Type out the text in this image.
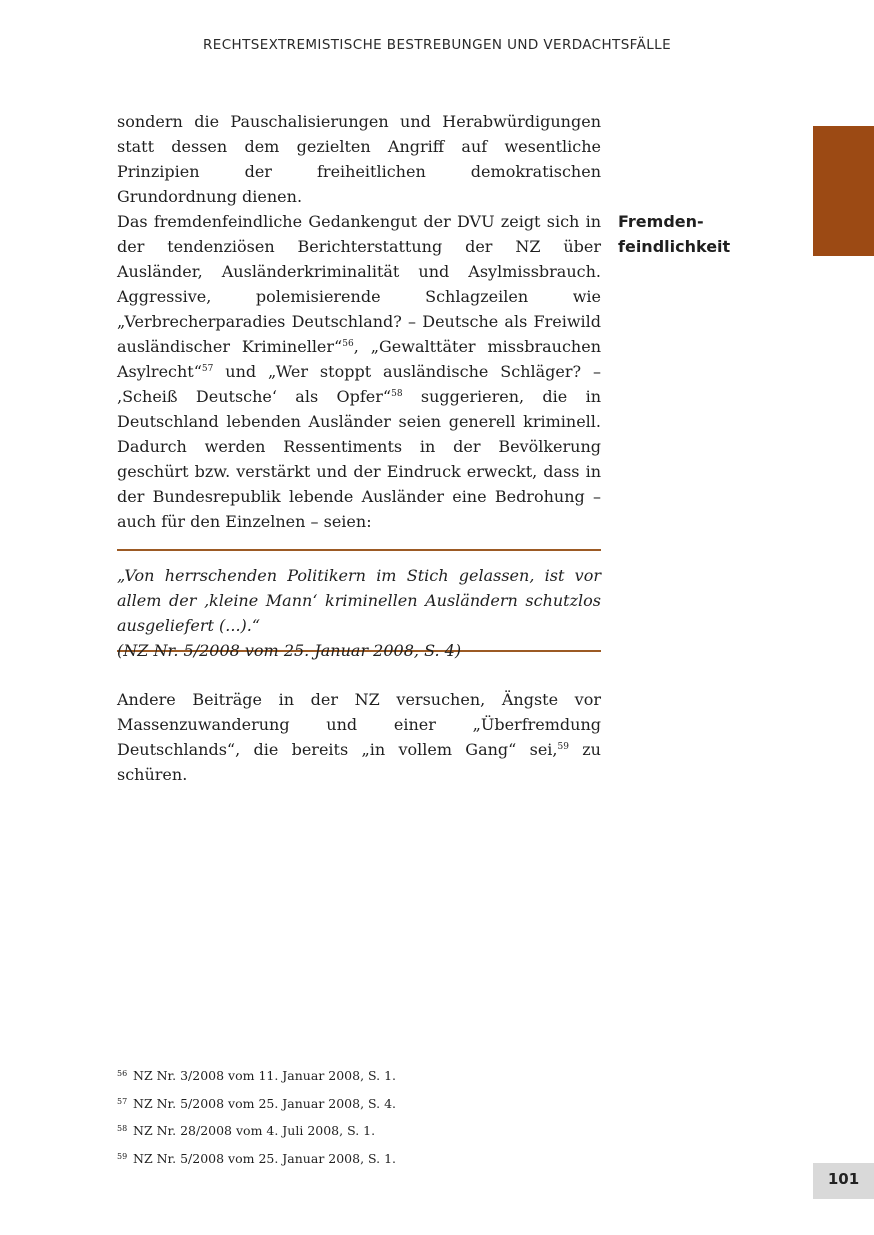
RECHTSEXTREMISTISCHE BESTREBUNGEN UND VERDACHTSFÄLLE

sondern die Pauschalisierungen und Herabwürdigungen statt dessen dem gezielten Angriff auf wesentliche Prinzipien der freiheitlichen demokratischen Grundordnung dienen.

Fremden-
feindlichkeit

Das fremdenfeindliche Gedankengut der DVU zeigt sich in der tendenziösen Berichterstattung der NZ über Ausländer, Ausländerkriminalität und Asylmissbrauch. Aggressive, polemisierende Schlagzeilen wie „Verbrecherparadies Deutschland? – Deutsche als Freiwild ausländischer Krimineller“$^{56}$, „Gewalttäter missbrauchen Asylrecht“$^{57}$ und „Wer stoppt ausländische Schläger? – ‚Scheiß Deutsche‘ als Opfer“$^{58}$ suggerieren, die in Deutschland lebenden Ausländer seien generell kriminell. Dadurch werden Ressentiments in der Bevölkerung geschürt bzw. verstärkt und der Eindruck erweckt, dass in der Bundesrepublik lebende Ausländer eine Bedrohung – auch für den Einzelnen – seien:

„Von herrschenden Politikern im Stich gelassen, ist vor allem der ‚kleine Mann‘ kriminellen Ausländern schutzlos ausgeliefert (...).“
(NZ Nr. 5/2008 vom 25. Januar 2008, S. 4)

Andere Beiträge in der NZ versuchen, Ängste vor Massenzuwanderung und einer „Überfremdung Deutschlands“, die bereits „in vollem Gang“ sei,$^{59}$ zu schüren.

56 NZ Nr. 3/2008 vom 11. Januar 2008, S. 1.
57 NZ Nr. 5/2008 vom 25. Januar 2008, S. 4.
58 NZ Nr. 28/2008 vom 4. Juli 2008, S. 1.
59 NZ Nr. 5/2008 vom 25. Januar 2008, S. 1.
101
